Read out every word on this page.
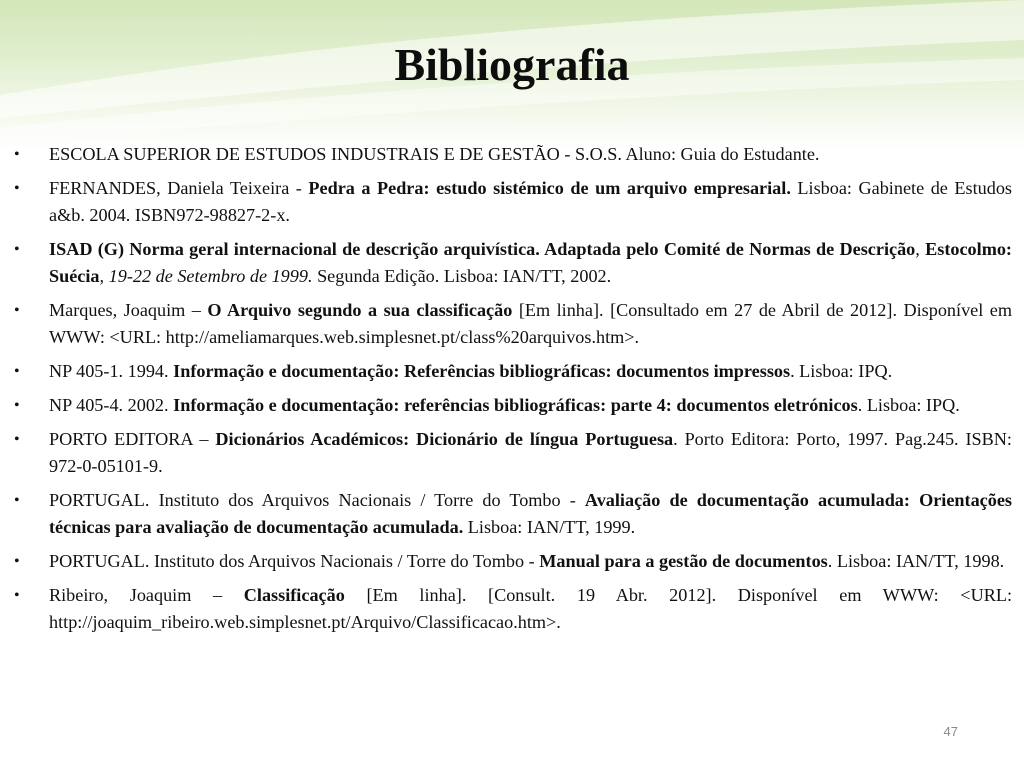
Bibliografia
• ESCOLA SUPERIOR DE ESTUDOS INDUSTRAIS E DE GESTÃO - S.O.S. Aluno: Guia do Estudante.
• FERNANDES, Daniela Teixeira - Pedra a Pedra: estudo sistémico de um arquivo empresarial. Lisboa: Gabinete de Estudos a&b. 2004. ISBN972-98827-2-x.
• ISAD (G) Norma geral internacional de descrição arquivística. Adaptada pelo Comité de Normas de Descrição, Estocolmo: Suécia, 19-22 de Setembro de 1999. Segunda Edição. Lisboa: IAN/TT, 2002.
• Marques, Joaquim – O Arquivo segundo a sua classificação [Em linha]. [Consultado em 27 de Abril de 2012]. Disponível em WWW: <URL: http://ameliamarques.web.simplesnet.pt/class%20arquivos.htm>.
• NP 405-1. 1994. Informação e documentação: Referências bibliográficas: documentos impressos. Lisboa: IPQ.
• NP 405-4. 2002. Informação e documentação: referências bibliográficas: parte 4: documentos eletrónicos. Lisboa: IPQ.
• PORTO EDITORA – Dicionários Académicos: Dicionário de língua Portuguesa. Porto Editora: Porto, 1997. Pag.245. ISBN: 972-0-05101-9.
• PORTUGAL. Instituto dos Arquivos Nacionais / Torre do Tombo - Avaliação de documentação acumulada: Orientações técnicas para avaliação de documentação acumulada. Lisboa: IAN/TT, 1999.
• PORTUGAL. Instituto dos Arquivos Nacionais / Torre do Tombo - Manual para a gestão de documentos. Lisboa: IAN/TT, 1998.
• Ribeiro, Joaquim – Classificação [Em linha]. [Consult. 19 Abr. 2012]. Disponível em WWW: <URL: http://joaquim_ribeiro.web.simplesnet.pt/Arquivo/Classificacao.htm>.
47
